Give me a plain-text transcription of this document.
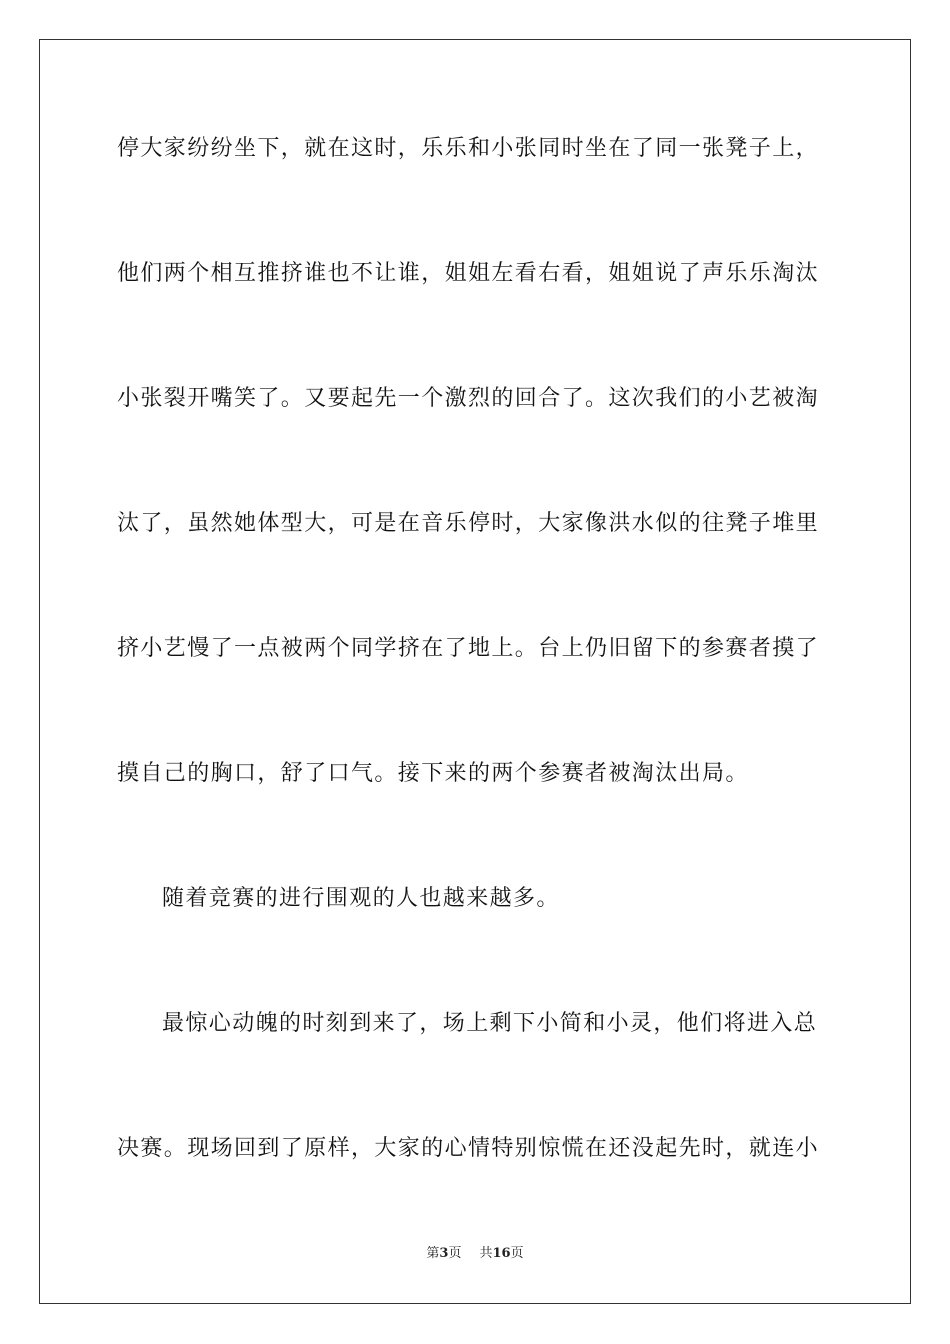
停大家纷纷坐下，就在这时，乐乐和小张同时坐在了同一张凳子上，
他们两个相互推挤谁也不让谁，姐姐左看右看，姐姐说了声乐乐淘汰
小张裂开嘴笑了。又要起先一个激烈的回合了。这次我们的小艺被淘
汰了，虽然她体型大，可是在音乐停时，大家像洪水似的往凳子堆里
挤小艺慢了一点被两个同学挤在了地上。台上仍旧留下的参赛者摸了
摸自己的胸口，舒了口气。接下来的两个参赛者被淘汰出局。
随着竞赛的进行围观的人也越来越多。
最惊心动魄的时刻到来了，场上剩下小简和小灵，他们将进入总
决赛。现场回到了原样，大家的心情特别惊慌在还没起先时，就连小
第3页 共16页
